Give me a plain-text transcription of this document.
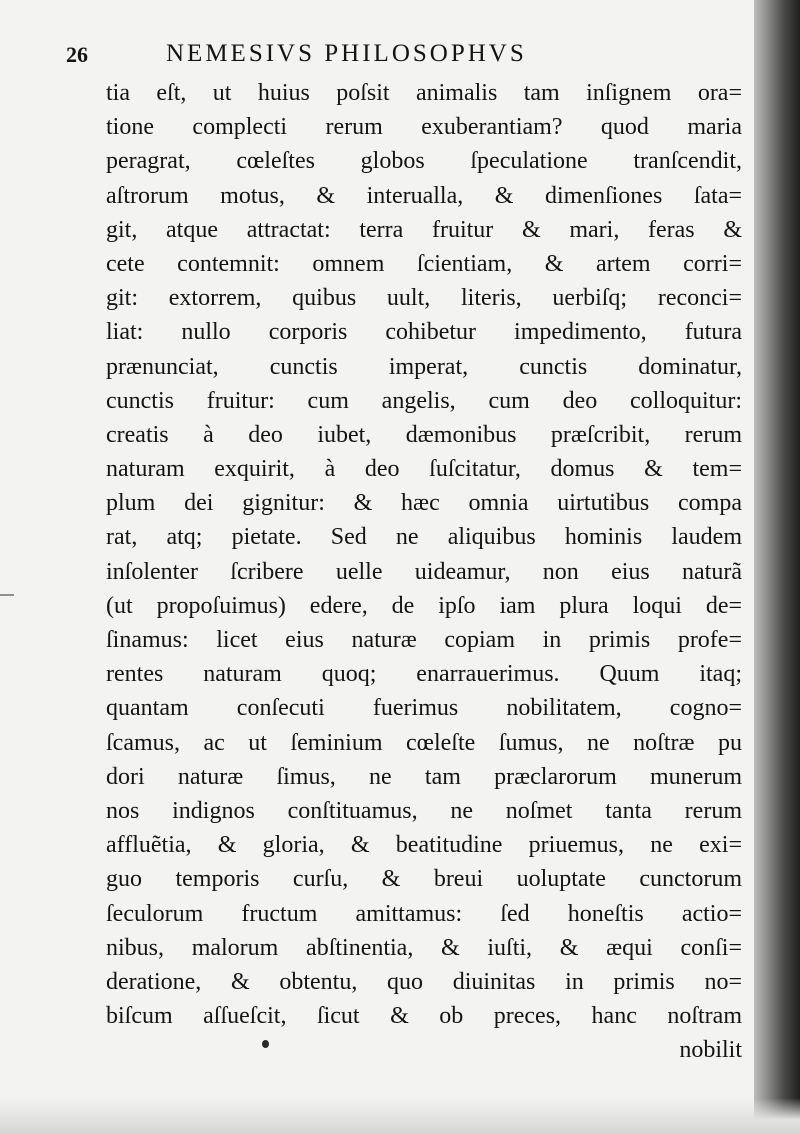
26	NEMESIVS PHILOSOPHVS
tia eſt, ut huius poſsit animalis tam inſignem ora=
tione complecti rerum exuberantiam? quod maria
peragrat, cœleſtes globos ſpeculatione tranſcendit,
aſtrorum motus, & interualla, & dimenſiones ſata=
git, atque attractat: terra fruitur & mari, feras &
cete contemnit: omnem ſcientiam, & artem corri=
git: extorrem, quibus uult, literis, uerbiſq; reconci=
liat: nullo corporis cohibetur impedimento, futura
prænunciat, cunctis imperat, cunctis dominatur,
cunctis fruitur: cum angelis, cum deo colloquitur:
creatis à deo iubet, dæmonibus præſcribit, rerum
naturam exquirit, à deo ſuſcitatur, domus & tem=
plum dei gignitur: & hæc omnia uirtutibus compa
rat, atq; pietate. Sed ne aliquibus hominis laudem
inſolenter ſcribere uelle uideamur, non eius naturã
(ut propoſuimus) edere, de ipſo iam plura loqui de=
ſinamus: licet eius naturæ copiam in primis profe=
rentes naturam quoq; enarrauerimus. Quum itaq;
quantam conſecuti fuerimus nobilitatem, cogno=
ſcamus, ac ut ſeminium cœleſte ſumus, ne noſtræ pu
dori naturæ ſimus, ne tam præclarorum munerum
nos indignos conſtituamus, ne noſmet tanta rerum
affluẽtia, & gloria, & beatitudine priuemus, ne exi=
guo temporis curſu, & breui uoluptate cunctorum
ſeculorum fructum amittamus: ſed honeſtis actio=
nibus, malorum abſtinentia, & iuſti, & æqui conſi=
deratione, & obtentu, quo diuinitas in primis no=
biſcum aſſueſcit, ſicut & ob preces, hanc noſtram
nobilit
